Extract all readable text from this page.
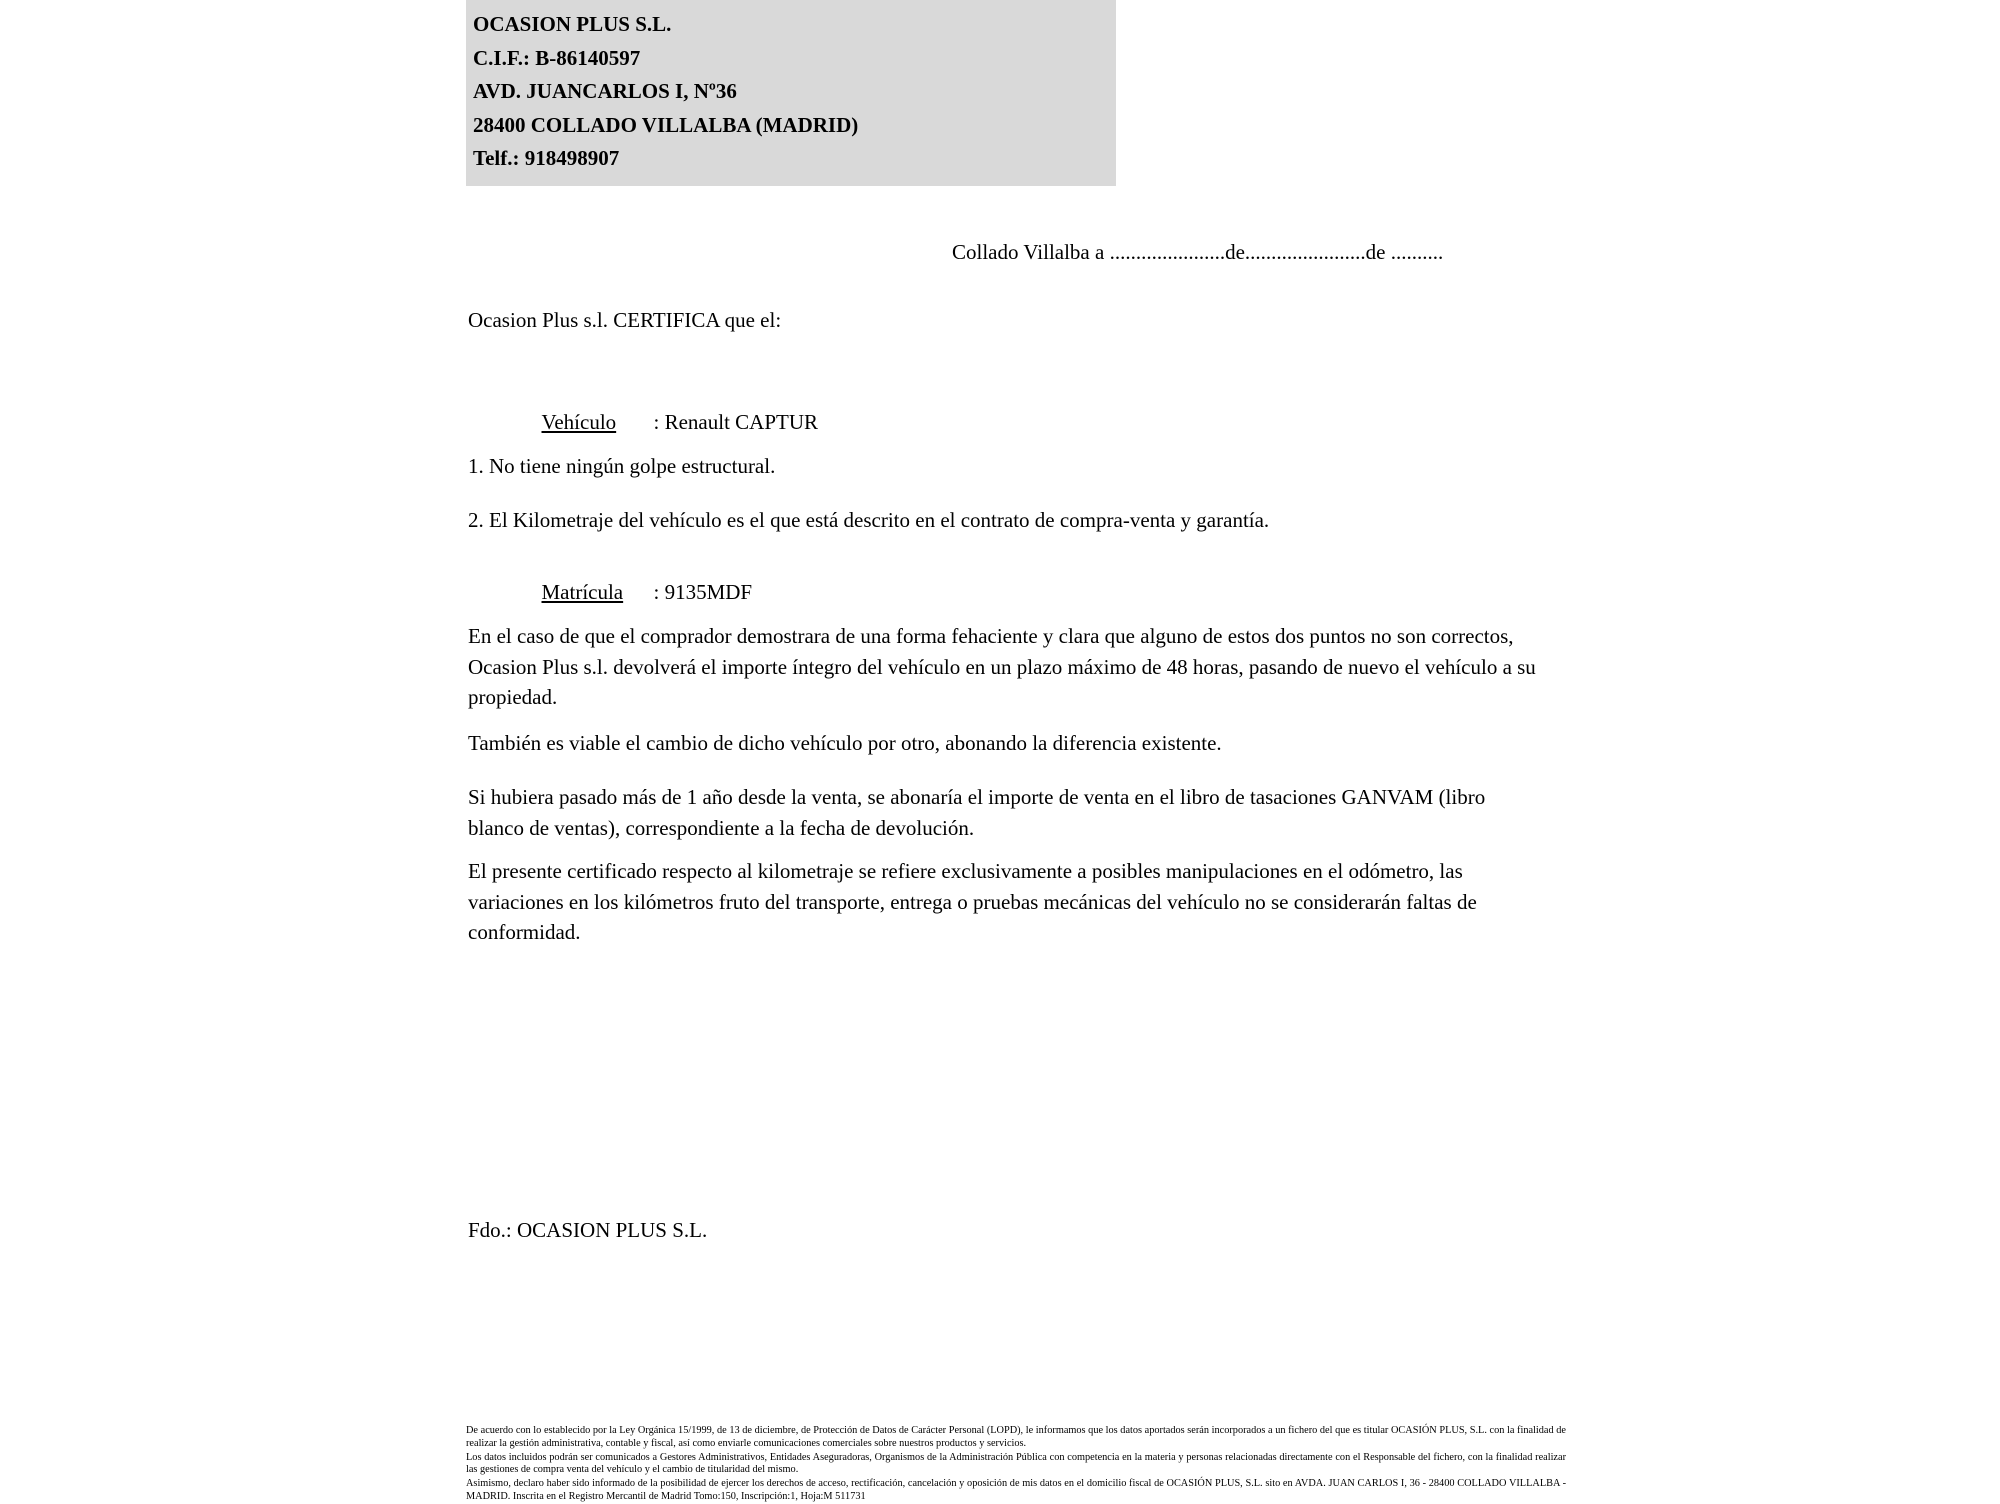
OCASION PLUS S.L.
C.I.F.: B-86140597
AVD. JUANCARLOS I, Nº36
28400 COLLADO VILLALBA (MADRID)
Telf.: 918498907
Collado Villalba a ......................de.......................de ..........
Ocasion Plus s.l. CERTIFICA que el:

Vehículo : Renault CAPTUR

Matrícula : 9135MDF

1. No tiene ningún golpe estructural.
2. El Kilometraje del vehículo es el que está descrito en el contrato de compra-venta y garantía.
En el caso de que el comprador demostrara de una forma fehaciente y clara que alguno de estos dos puntos no son correctos, Ocasion Plus s.l. devolverá el importe íntegro del vehículo en un plazo máximo de 48 horas, pasando de nuevo el vehículo a su propiedad.
También es viable el cambio de dicho vehículo por otro, abonando la diferencia existente.
Si hubiera pasado más de 1 año desde la venta, se abonaría el importe de venta en el libro de tasaciones GANVAM (libro blanco de ventas), correspondiente a la fecha de devolución.
El presente certificado respecto al kilometraje se refiere exclusivamente a posibles manipulaciones en el odómetro, las variaciones en los kilómetros fruto del transporte, entrega o pruebas mecánicas del vehículo no se considerarán faltas de conformidad.
Fdo.: OCASION PLUS S.L.

De acuerdo con lo establecido por la Ley Orgánica 15/1999, de 13 de diciembre, de Protección de Datos de Carácter Personal (LOPD), le informamos que los datos aportados serán incorporados a un fichero del que es titular OCASIÓN PLUS, S.L. con la finalidad de realizar la gestión administrativa, contable y fiscal, así como enviarle comunicaciones comerciales sobre nuestros productos y servicios.

Los datos incluidos podrán ser comunicados a Gestores Administrativos, Entidades Aseguradoras, Organismos de la Administración Pública con competencia en la materia y personas relacionadas directamente con el Responsable del fichero, con la finalidad realizar las gestiones de compra venta del vehículo y el cambio de titularidad del mismo.

Asimismo, declaro haber sido informado de la posibilidad de ejercer los derechos de acceso, rectificación, cancelación y oposición de mis datos en el domicilio fiscal de OCASIÓN PLUS, S.L. sito en AVDA. JUAN CARLOS I, 36 - 28400 COLLADO VILLALBA - MADRID. Inscrita en el Registro Mercantil de Madrid Tomo:150, Inscripción:1, Hoja:M 511731
